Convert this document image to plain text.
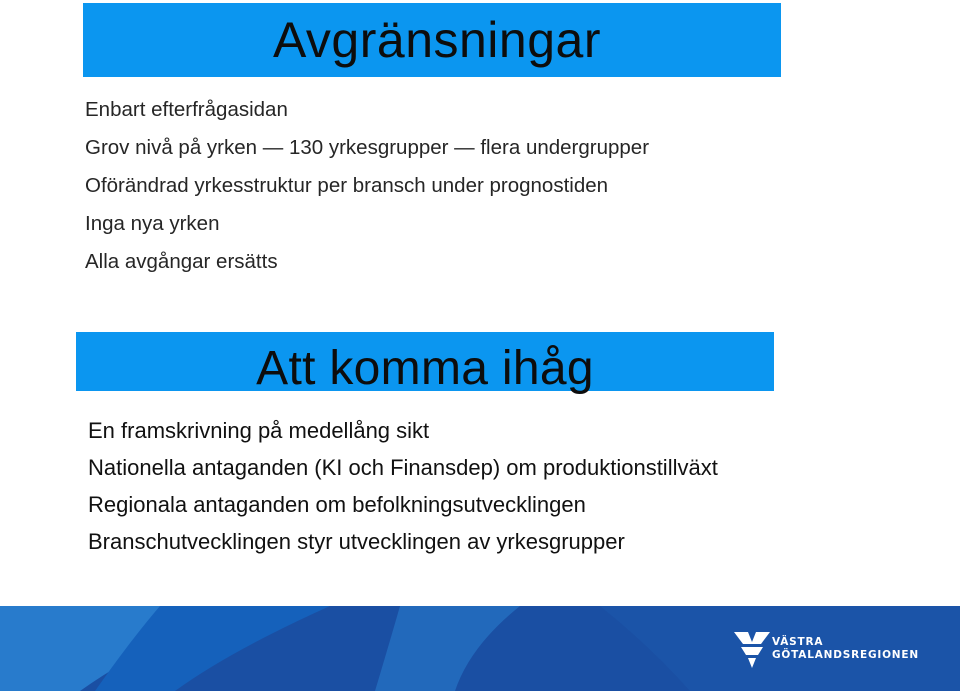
Avgränsningar
Enbart efterfrågasidan
Grov nivå på yrken — 130 yrkesgrupper — flera undergrupper
Oförändrad yrkesstruktur per bransch under prognostiden
Inga nya yrken
Alla avgångar ersätts
Att komma ihåg
En framskrivning på medellång sikt
Nationella antaganden (KI och Finansdep) om produktionstillväxt
Regionala antaganden om befolkningsutvecklingen
Branschutvecklingen styr utvecklingen av yrkesgrupper
VÄSTRA
GÖTALANDSREGIONEN
